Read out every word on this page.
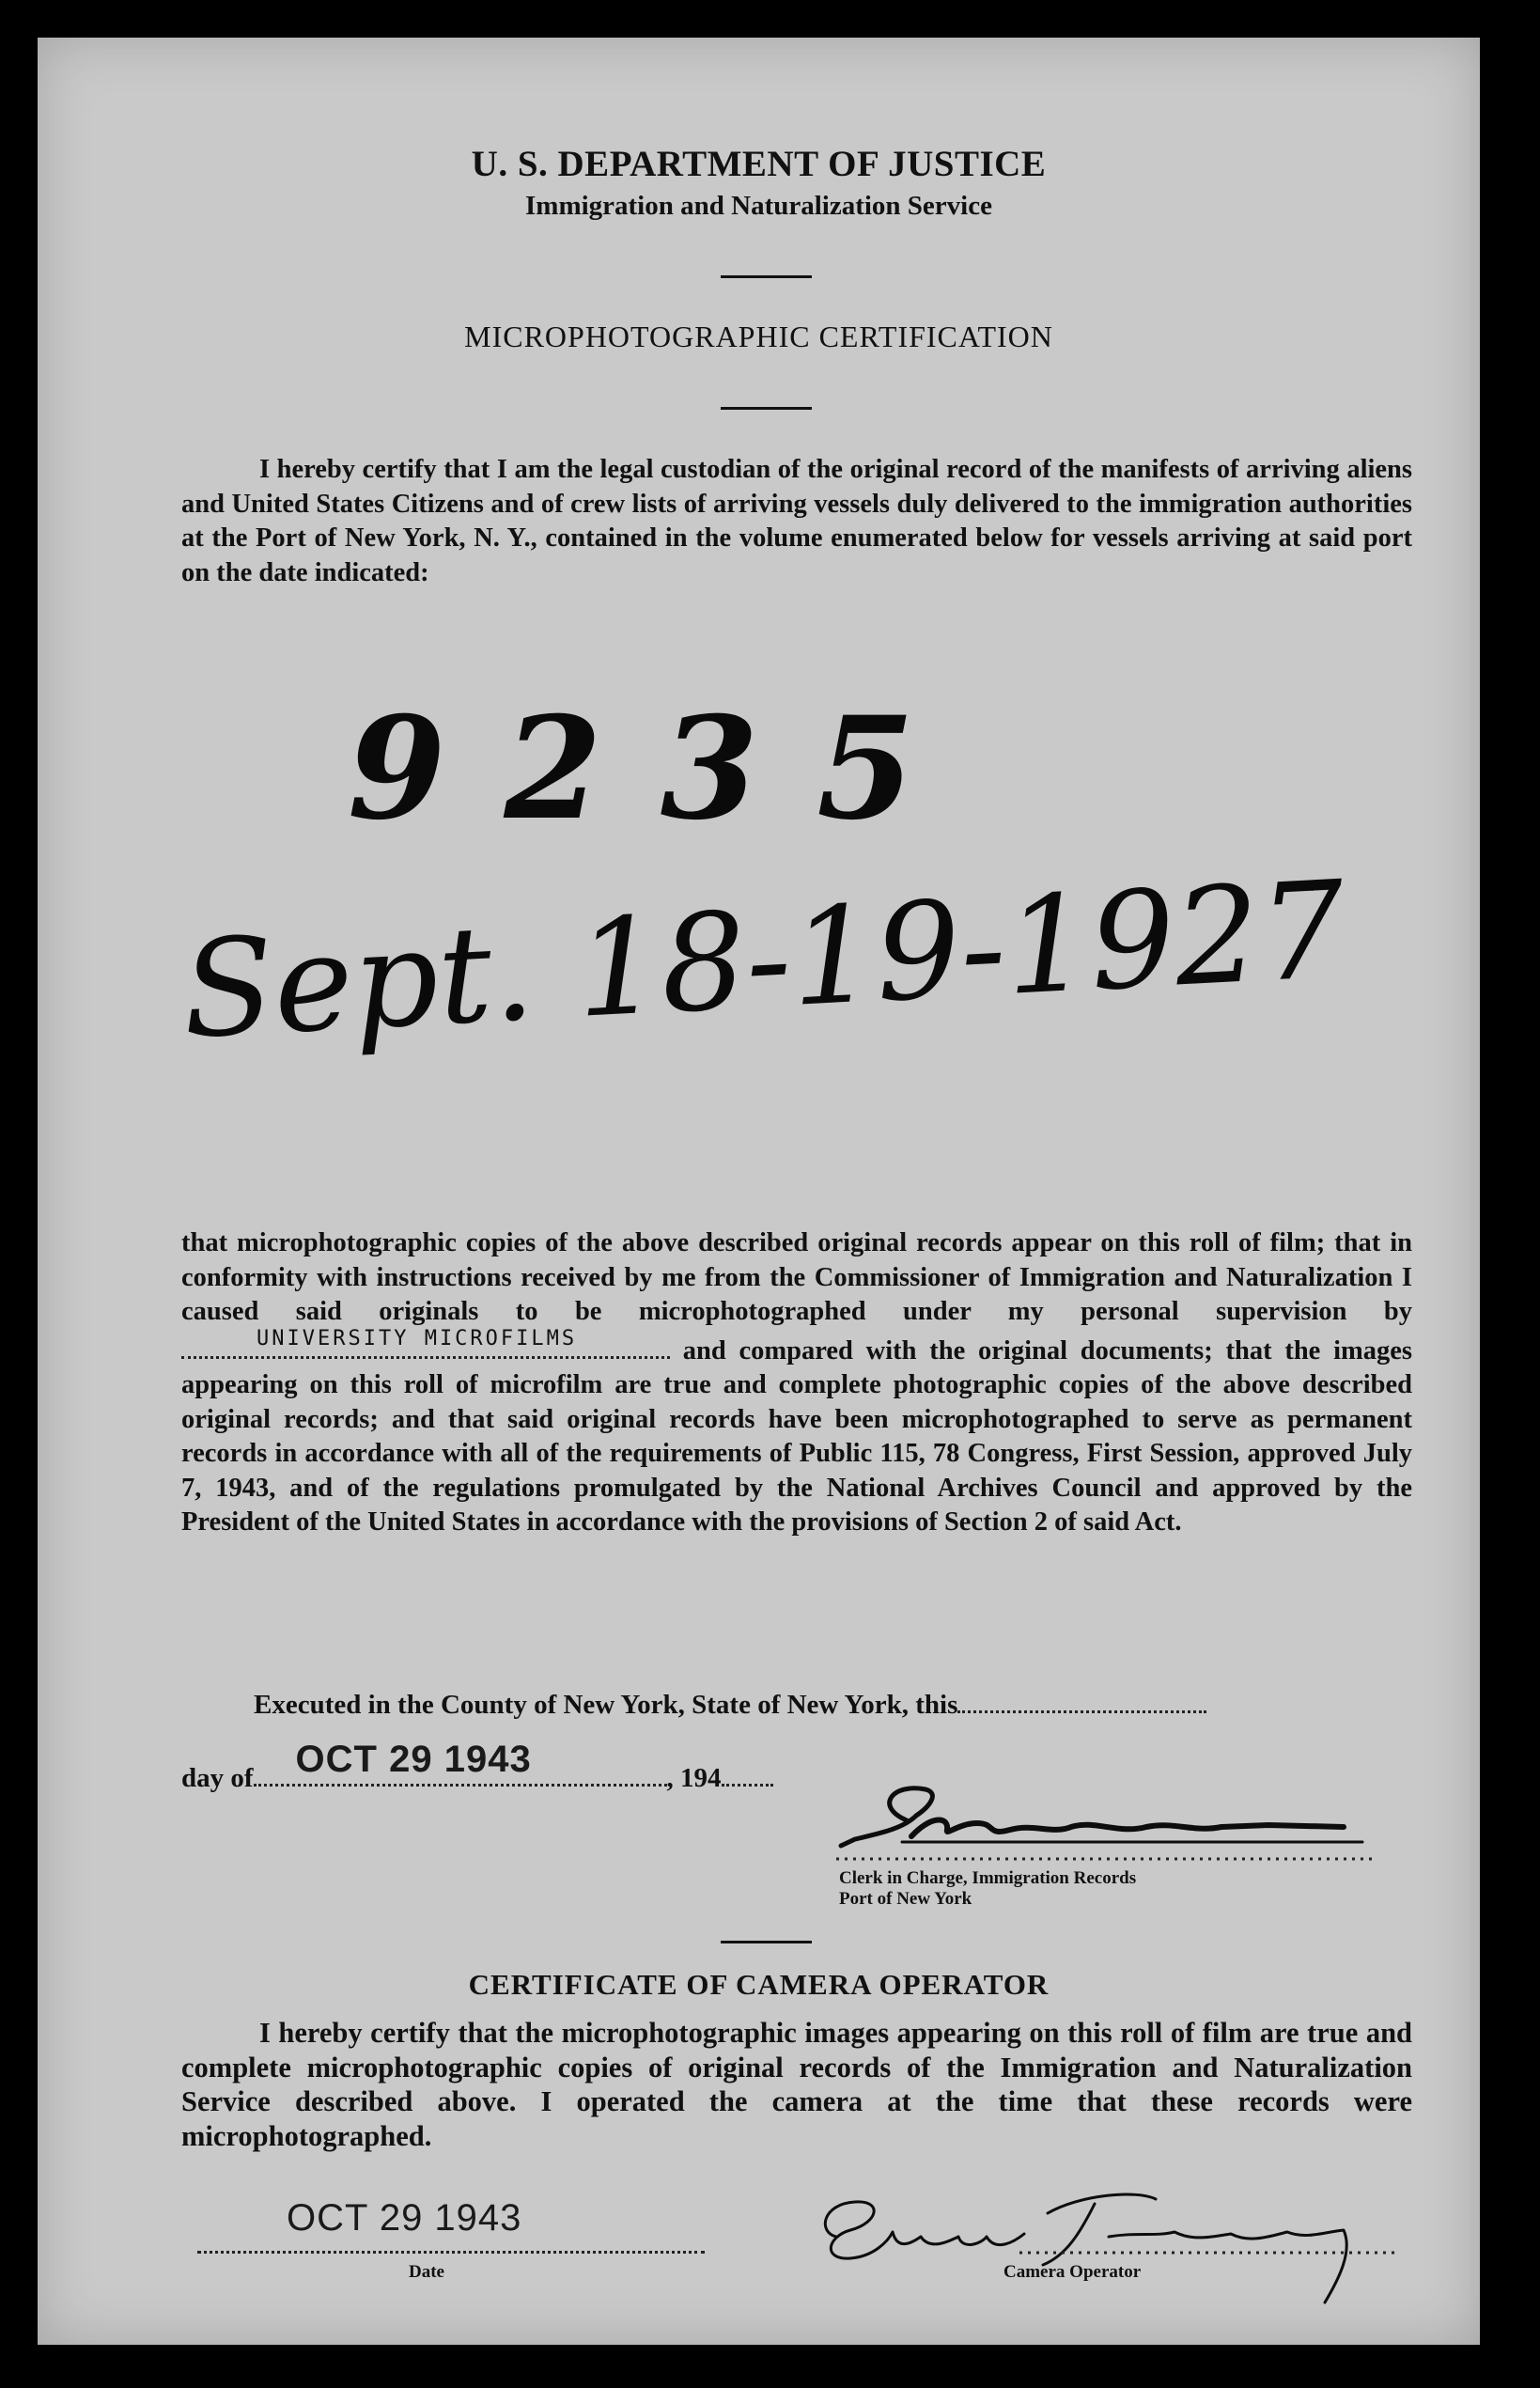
U. S. DEPARTMENT OF JUSTICE
Immigration and Naturalization Service
MICROPHOTOGRAPHIC CERTIFICATION
I hereby certify that I am the legal custodian of the original record of the manifests of arriving aliens and United States Citizens and of crew lists of arriving vessels duly delivered to the immigration authorities at the Port of New York, N. Y., contained in the volume enumerated below for vessels arriving at said port on the date indicated:
9235
Sept. 18-19-1927
that microphotographic copies of the above described original records appear on this roll of film; that in conformity with instructions received by me from the Commissioner of Immigration and Naturalization I caused said originals to be microphotographed under my personal supervision by
UNIVERSITY MICROFILMS	and compared with the original documents; that the images appearing on this roll of microfilm are true and complete photographic copies of the above described original records; and that said original records have been microphotographed to serve as permanent records in accordance with all of the requirements of Public 115, 78 Congress, First Session, approved July 7, 1943, and of the regulations promulgated by the National Archives Council and approved by the President of the United States in accordance with the provisions of Section 2 of said Act.
Executed in the County of New York, State of New York, this
day of OCT 29 1943	, 194
Clerk in Charge, Immigration Records
Port of New York
CERTIFICATE OF CAMERA OPERATOR
I hereby certify that the microphotographic images appearing on this roll of film are true and complete microphotographic copies of original records of the Immigration and Naturalization Service described above. I operated the camera at the time that these records were microphotographed.
OCT 29 1943
Date	Camera Operator
